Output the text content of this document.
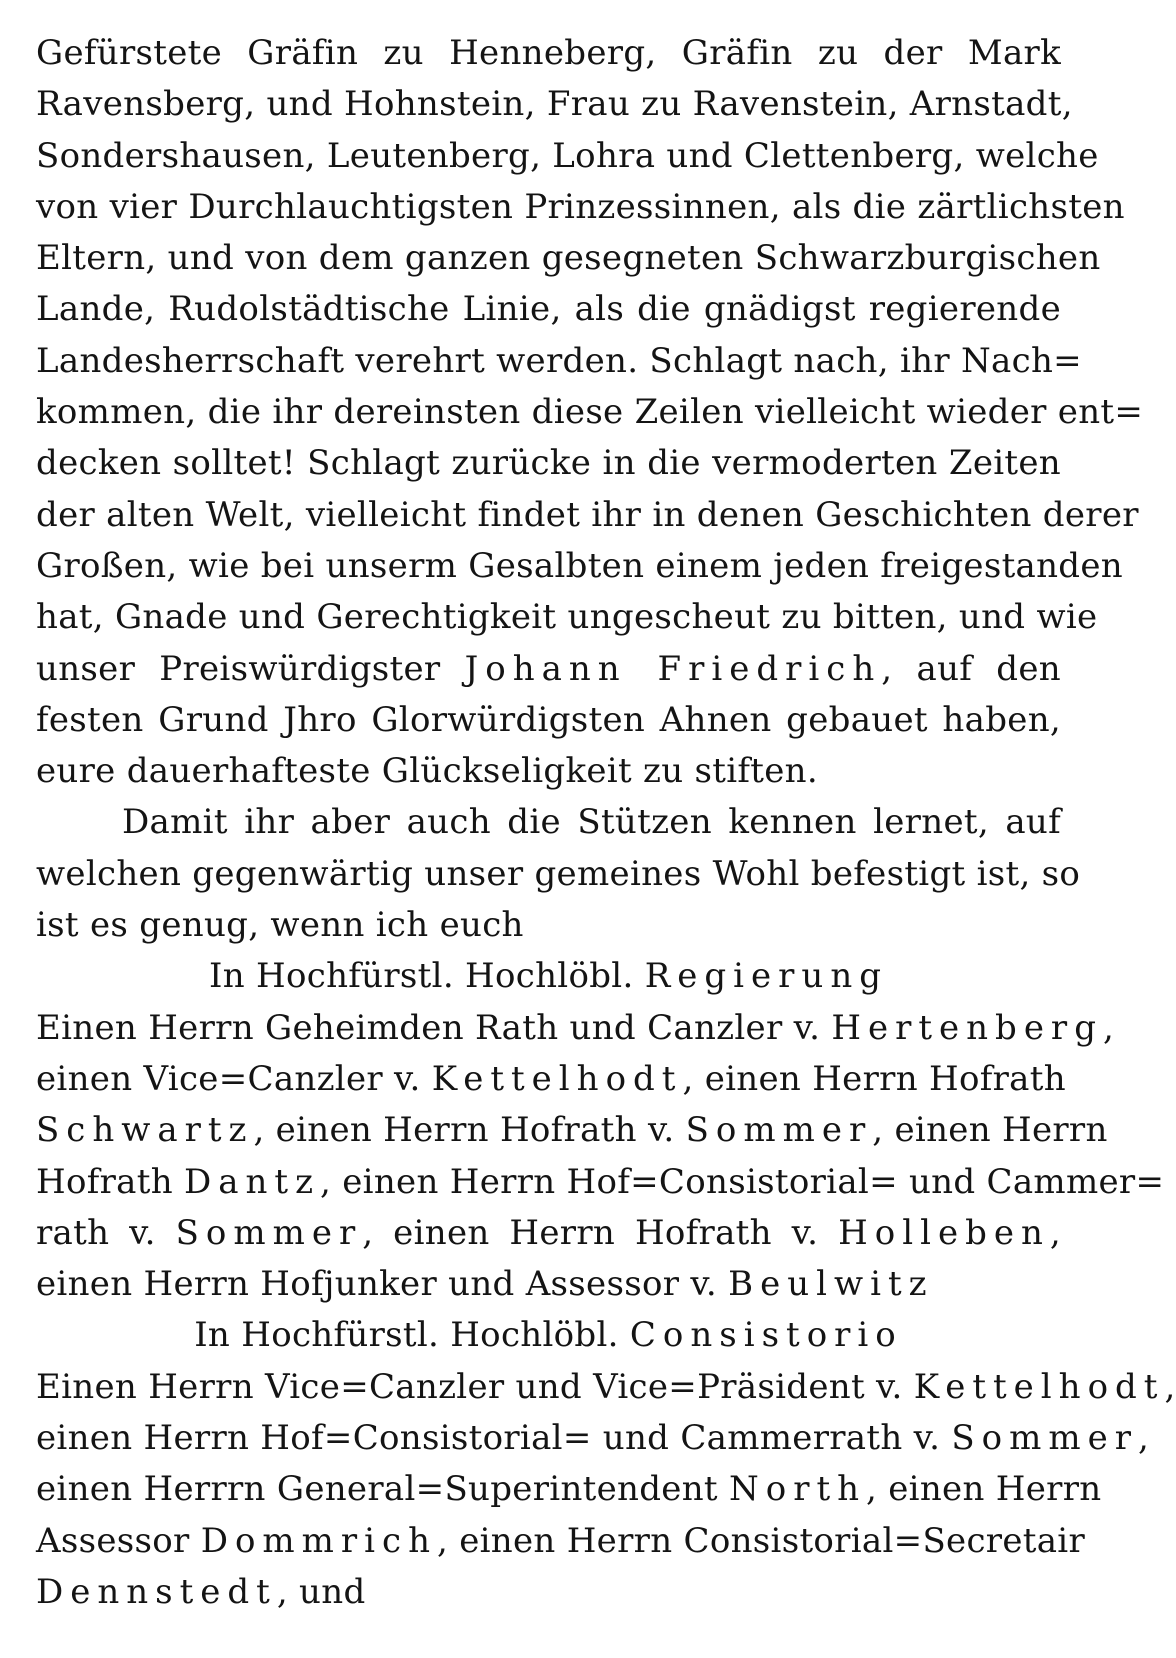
Gefürstete Gräfin zu Henneberg, Gräfin zu der Mark
Ravensberg, und Hohnstein, Frau zu Ravenstein, Arnstadt,
Sondershausen, Leutenberg, Lohra und Clettenberg, welche
von vier Durchlauchtigsten Prinzessinnen, als die zärtlichsten
Eltern, und von dem ganzen gesegneten Schwarzburgischen
Lande, Rudolstädtische Linie, als die gnädigst regierende
Landesherrschaft verehrt werden. Schlagt nach, ihr Nach=
kommen, die ihr dereinsten diese Zeilen vielleicht wieder ent=
decken solltet! Schlagt zurücke in die vermoderten Zeiten
der alten Welt, vielleicht findet ihr in denen Geschichten derer
Großen, wie bei unserm Gesalbten einem jeden freigestanden
hat, Gnade und Gerechtigkeit ungescheut zu bitten, und wie
unser Preiswürdigster Johann Friedrich, auf den
festen Grund Jhro Glorwürdigsten Ahnen gebauet haben,
eure dauerhafteste Glückseligkeit zu stiften.
Damit ihr aber auch die Stützen kennen lernet, auf
welchen gegenwärtig unser gemeines Wohl befestigt ist, so
ist es genug, wenn ich euch
In Hochfürstl. Hochlöbl. Regierung
Einen Herrn Geheimden Rath und Canzler v. Hertenberg,
einen Vice=Canzler v. Kettelhodt, einen Herrn Hofrath
Schwartz, einen Herrn Hofrath v. Sommer, einen Herrn
Hofrath Dantz, einen Herrn Hof=Consistorial= und Cammer=
rath v. Sommer, einen Herrn Hofrath v. Holleben,
einen Herrn Hofjunker und Assessor v. Beulwitz
In Hochfürstl. Hochlöbl. Consistorio
Einen Herrn Vice=Canzler und Vice=Präsident v. Kettelhodt,
einen Herrn Hof=Consistorial= und Cammerrath v. Sommer,
einen Herrrn General=Superintendent North, einen Herrn
Assessor Dommrich, einen Herrn Consistorial=Secretair
Dennstedt, und
